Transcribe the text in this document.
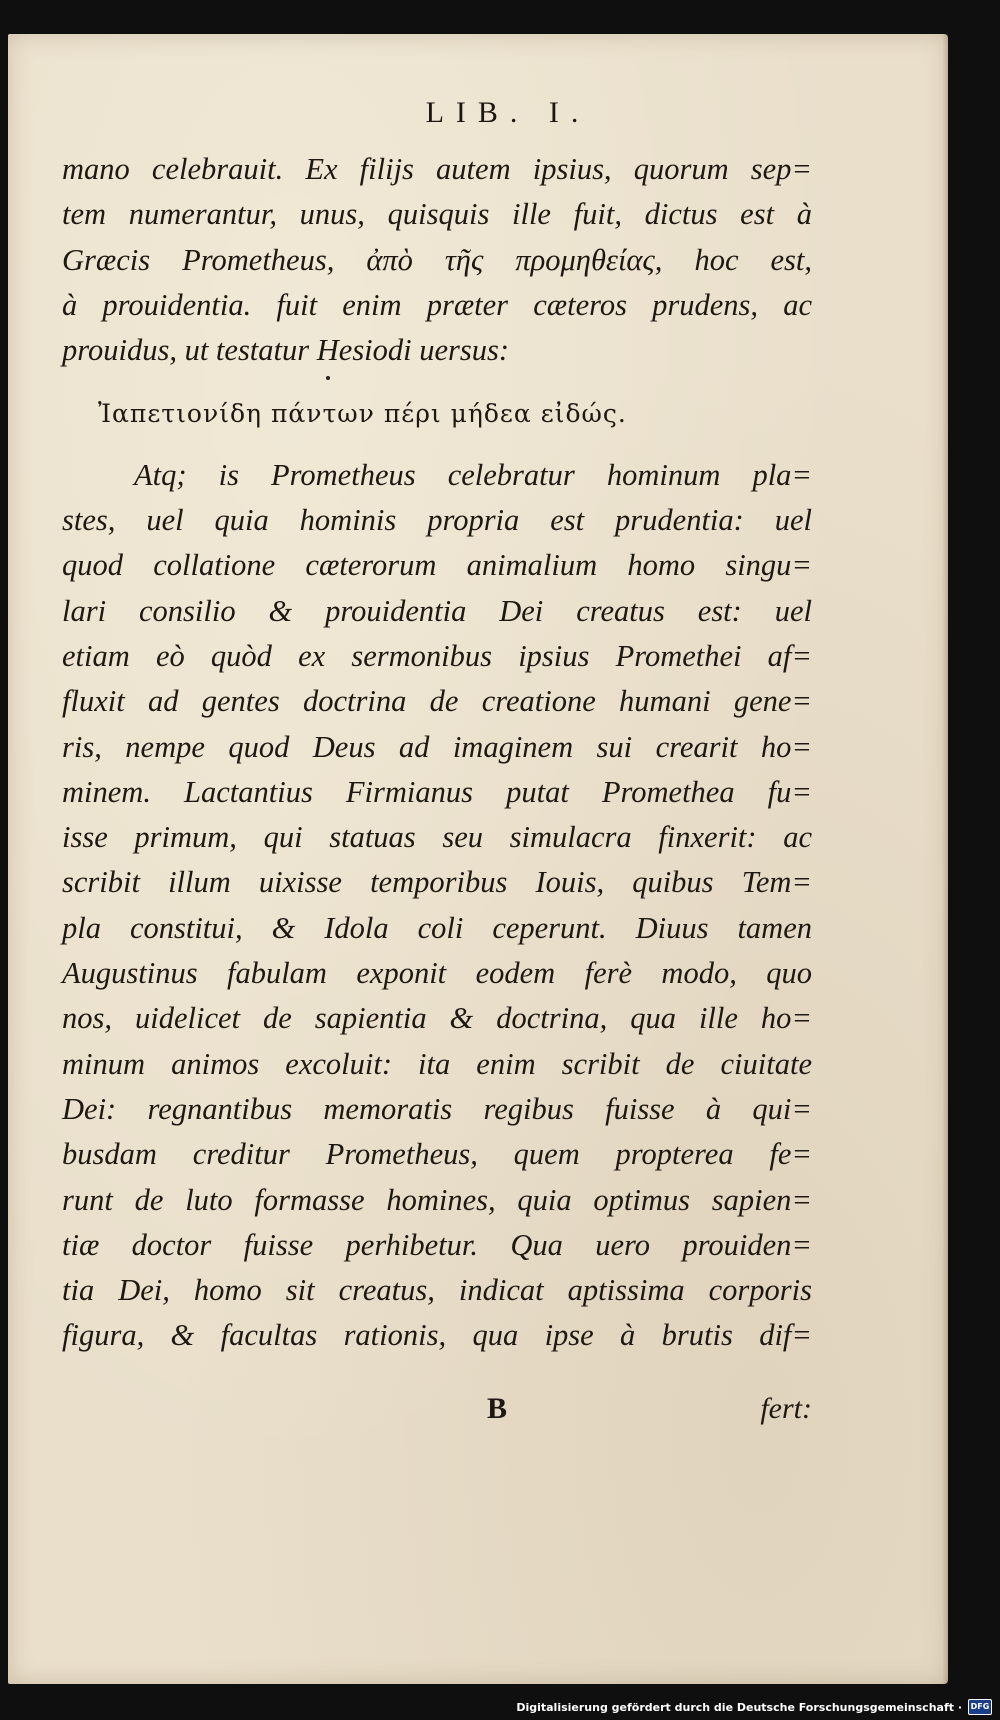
LIB. I.
mano celebrauit. Ex filijs autem ipsius, quorum sep=
tem numerantur, unus, quisquis ille fuit, dictus est à
Græcis Prometheus, ἀπὸ τῆς προμηθείας, hoc est,
à prouidentia. fuit enim præter cæteros prudens, ac
prouidus, ut testatur Hesiodi uersus:
Ἰαπετιονίδη πάντων πέρι μήδεα εἰδώς.
Atq; is Prometheus celebratur hominum pla=
stes, uel quia hominis propria est prudentia: uel
quod collatione cæterorum animalium homo singu=
lari consilio & prouidentia Dei creatus est: uel
etiam eò quòd ex sermonibus ipsius Promethei af=
fluxit ad gentes doctrina de creatione humani gene=
ris, nempe quod Deus ad imaginem sui crearit ho=
minem. Lactantius Firmianus putat Promethea fu=
isse primum, qui statuas seu simulacra finxerit: ac
scribit illum uixisse temporibus Iouis, quibus Tem=
pla constitui, & Idola coli ceperunt. Diuus tamen
Augustinus fabulam exponit eodem ferè modo, quo
nos, uidelicet de sapientia & doctrina, qua ille ho=
minum animos excoluit: ita enim scribit de ciuitate
Dei: regnantibus memoratis regibus fuisse à qui=
busdam creditur Prometheus, quem propterea fe=
runt de luto formasse homines, quia optimus sapien=
tiæ doctor fuisse perhibetur. Qua uero prouiden=
tia Dei, homo sit creatus, indicat aptissima corporis
figura, & facultas rationis, qua ipse à brutis dif=
B	fert:
Digitalisierung gefördert durch die Deutsche Forschungsgemeinschaft ·	DFG
